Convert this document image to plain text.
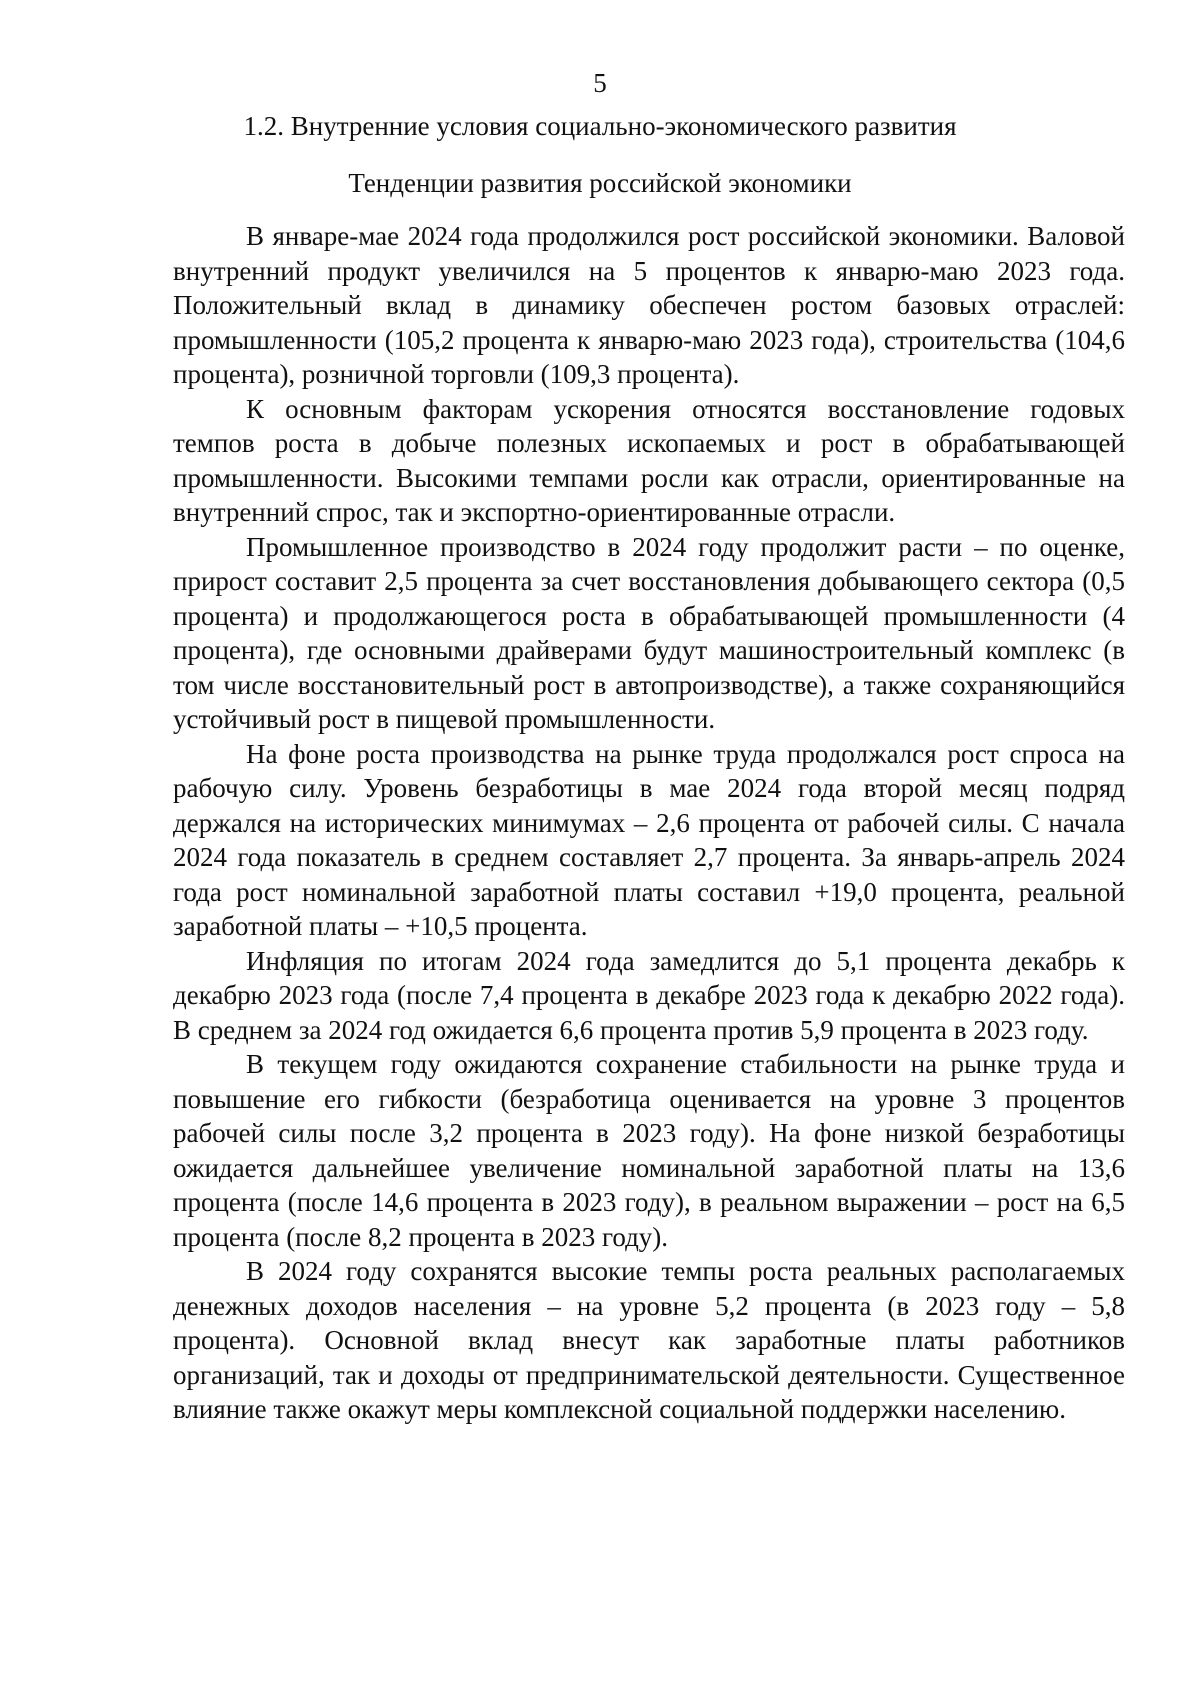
5
1.2. Внутренние условия социально-экономического развития
Тенденции развития российской экономики

В январе-мае 2024 года продолжился рост российской экономики. Валовой внутренний продукт увеличился на 5 процентов к январю-маю 2023 года. Положительный вклад в динамику обеспечен ростом базовых отраслей: промышленности (105,2 процента к январю-маю 2023 года), строительства (104,6 процента), розничной торговли (109,3 процента).

К основным факторам ускорения относятся восстановление годовых темпов роста в добыче полезных ископаемых и рост в обрабатывающей промышленности. Высокими темпами росли как отрасли, ориентированные на внутренний спрос, так и экспортно-ориентированные отрасли.

Промышленное производство в 2024 году продолжит расти – по оценке, прирост составит 2,5 процента за счет восстановления добывающего сектора (0,5 процента) и продолжающегося роста в обрабатывающей промышленности (4 процента), где основными драйверами будут машиностроительный комплекс (в том числе восстановительный рост в автопроизводстве), а также сохраняющийся устойчивый рост в пищевой промышленности.

На фоне роста производства на рынке труда продолжался рост спроса на рабочую силу. Уровень безработицы в мае 2024 года второй месяц подряд держался на исторических минимумах – 2,6 процента от рабочей силы. С начала 2024 года показатель в среднем составляет 2,7 процента. За январь-апрель 2024 года рост номинальной заработной платы составил +19,0 процента, реальной заработной платы – +10,5 процента.

Инфляция по итогам 2024 года замедлится до 5,1 процента декабрь к декабрю 2023 года (после 7,4 процента в декабре 2023 года к декабрю 2022 года). В среднем за 2024 год ожидается 6,6 процента против 5,9 процента в 2023 году.

В текущем году ожидаются сохранение стабильности на рынке труда и повышение его гибкости (безработица оценивается на уровне 3 процентов рабочей силы после 3,2 процента в 2023 году). На фоне низкой безработицы ожидается дальнейшее увеличение номинальной заработной платы на 13,6 процента (после 14,6 процента в 2023 году), в реальном выражении – рост на 6,5 процента (после 8,2 процента в 2023 году).

В 2024 году сохранятся высокие темпы роста реальных располагаемых денежных доходов населения – на уровне 5,2 процента (в 2023 году – 5,8 процента). Основной вклад внесут как заработные платы работников организаций, так и доходы от предпринимательской деятельности. Существенное влияние также окажут меры комплексной социальной поддержки населению.
